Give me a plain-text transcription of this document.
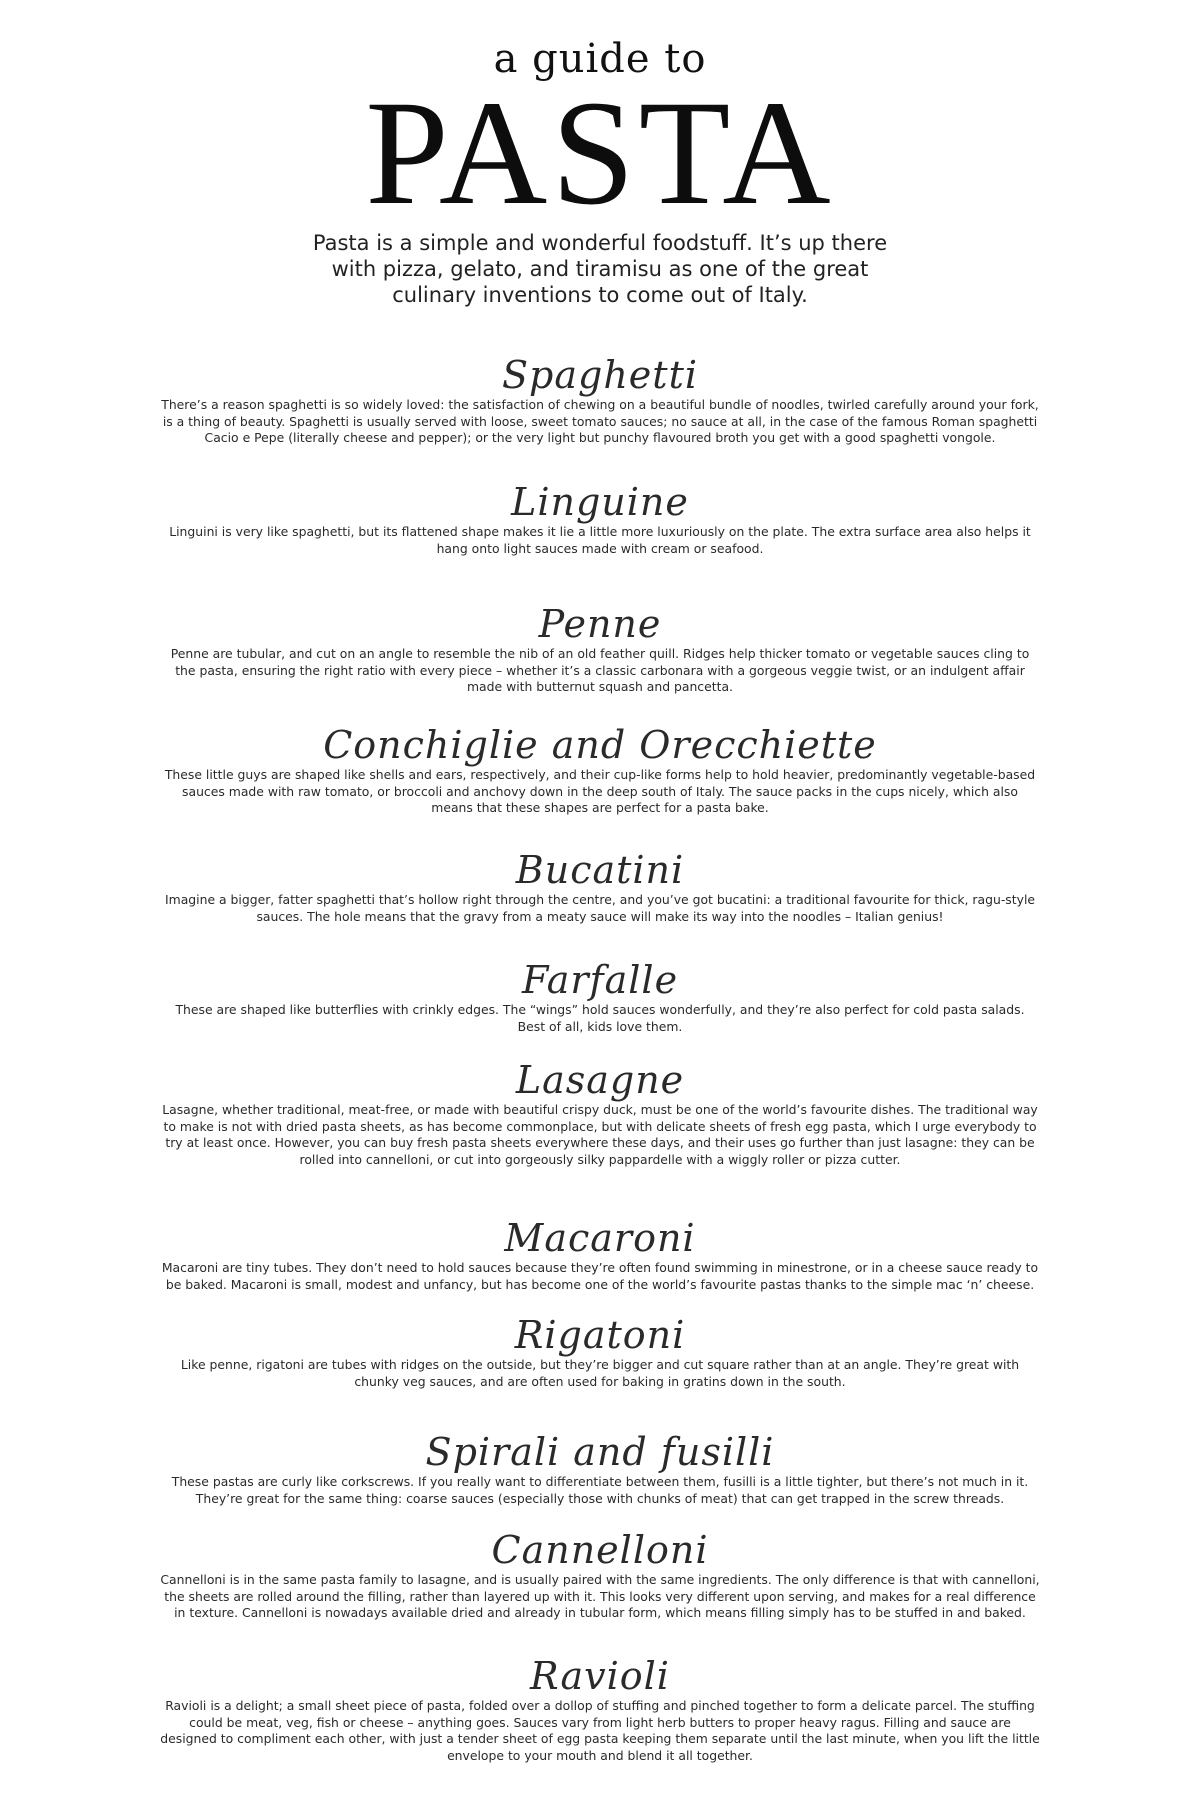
a guide to
PASTA
Pasta is a simple and wonderful foodstuff. It’s up there with pizza, gelato, and tiramisu as one of the great culinary inventions to come out of Italy.
Spaghetti

There’s a reason spaghetti is so widely loved: the satisfaction of chewing on a beautiful bundle of noodles, twirled carefully around your fork, is a thing of beauty. Spaghetti is usually served with loose, sweet tomato sauces; no sauce at all, in the case of the famous Roman spaghetti Cacio e Pepe (literally cheese and pepper); or the very light but punchy flavoured broth you get with a good spaghetti vongole.

Linguine

Linguini is very like spaghetti, but its flattened shape makes it lie a little more luxuriously on the plate. The extra surface area also helps it hang onto light sauces made with cream or seafood.

Penne

Penne are tubular, and cut on an angle to resemble the nib of an old feather quill. Ridges help thicker tomato or vegetable sauces cling to the pasta, ensuring the right ratio with every piece – whether it’s a classic carbonara with a gorgeous veggie twist, or an indulgent affair made with butternut squash and pancetta.

Conchiglie and Orecchiette

These little guys are shaped like shells and ears, respectively, and their cup-like forms help to hold heavier, predominantly vegetable-based sauces made with raw tomato, or broccoli and anchovy down in the deep south of Italy. The sauce packs in the cups nicely, which also means that these shapes are perfect for a pasta bake.

Bucatini

Imagine a bigger, fatter spaghetti that’s hollow right through the centre, and you’ve got bucatini: a traditional favourite for thick, ragu-style sauces. The hole means that the gravy from a meaty sauce will make its way into the noodles – Italian genius!

Farfalle

These are shaped like butterflies with crinkly edges. The “wings” hold sauces wonderfully, and they’re also perfect for cold pasta salads. Best of all, kids love them.

Lasagne

Lasagne, whether traditional, meat-free, or made with beautiful crispy duck, must be one of the world’s favourite dishes. The traditional way to make is not with dried pasta sheets, as has become commonplace, but with delicate sheets of fresh egg pasta, which I urge everybody to try at least once. However, you can buy fresh pasta sheets everywhere these days, and their uses go further than just lasagne: they can be rolled into cannelloni, or cut into gorgeously silky pappardelle with a wiggly roller or pizza cutter.

Macaroni

Macaroni are tiny tubes. They don’t need to hold sauces because they’re often found swimming in minestrone, or in a cheese sauce ready to be baked. Macaroni is small, modest and unfancy, but has become one of the world’s favourite pastas thanks to the simple mac ‘n’ cheese.

Rigatoni

Like penne, rigatoni are tubes with ridges on the outside, but they’re bigger and cut square rather than at an angle. They’re great with chunky veg sauces, and are often used for baking in gratins down in the south.

Spirali and fusilli

These pastas are curly like corkscrews. If you really want to differentiate between them, fusilli is a little tighter, but there’s not much in it. They’re great for the same thing: coarse sauces (especially those with chunks of meat) that can get trapped in the screw threads.

Cannelloni

Cannelloni is in the same pasta family to lasagne, and is usually paired with the same ingredients. The only difference is that with cannelloni, the sheets are rolled around the filling, rather than layered up with it. This looks very different upon serving, and makes for a real difference in texture. Cannelloni is nowadays available dried and already in tubular form, which means filling simply has to be stuffed in and baked.

Ravioli

Ravioli is a delight; a small sheet piece of pasta, folded over a dollop of stuffing and pinched together to form a delicate parcel. The stuffing could be meat, veg, fish or cheese – anything goes. Sauces vary from light herb butters to proper heavy ragus. Filling and sauce are designed to compliment each other, with just a tender sheet of egg pasta keeping them separate until the last minute, when you lift the little envelope to your mouth and blend it all together.
